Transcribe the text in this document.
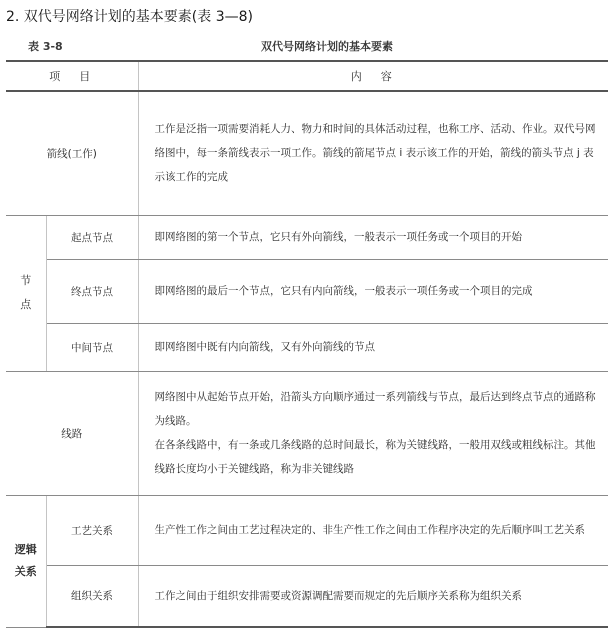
2. 双代号网络计划的基本要素(表 3—8)
表 3-8	双代号网络计划的基本要素
项　目		内　容
箭线(工作)		工作是泛指一项需要消耗人力、物力和时间的具体活动过程，也称工序、活动、作业。双代号网络图中，每一条箭线表示一项工作。箭线的箭尾节点 i 表示该工作的开始，箭线的箭头节点 j 表示该工作的完成
节
点	起点节点	即网络图的第一个节点，它只有外向箭线，一般表示一项任务或一个项目的开始
	终点节点	即网络图的最后一个节点，它只有内向箭线，一般表示一项任务或一个项目的完成
	中间节点	即网络图中既有内向箭线，又有外向箭线的节点
线路		网络图中从起始节点开始，沿箭头方向顺序通过一系列箭线与节点，最后达到终点节点的通路称为线路。
在各条线路中，有一条或几条线路的总时间最长，称为关键线路，一般用双线或粗线标注。其他线路长度均小于关键线路，称为非关键线路

逻辑
关系	工艺关系	生产性工作之间由工艺过程决定的、非生产性工作之间由工作程序决定的先后顺序叫工艺关系
	组织关系	工作之间由于组织安排需要或资源调配需要而规定的先后顺序关系称为组织关系
